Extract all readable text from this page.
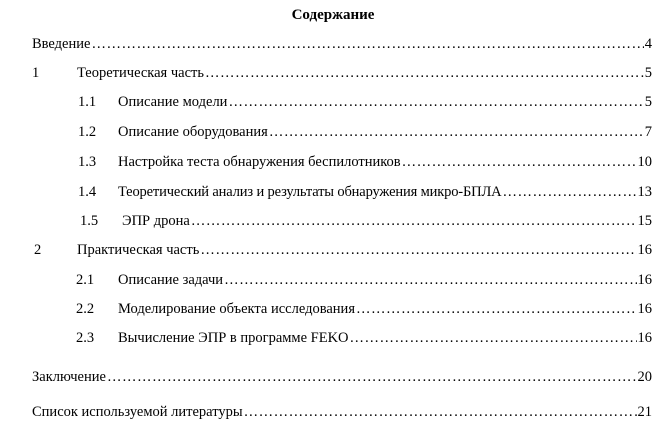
Содержание
Введение ……………………………………………………………………………………………………………………………………………………………………………………………………	4
1	Теоретическая часть ……………………………………………………………………………………………………………………………………………………………………………………………………	5
1.1	Описание модели ……………………………………………………………………………………………………………………………………………………………………………………………………	5
1.2	Описание оборудования ……………………………………………………………………………………………………………………………………………………………………………………………………	7
1.3	Настройка теста обнаружения беспилотников ……………………………………………………………………………………………………………………………………………………………………………………………………	10
1.4	Теоретический анализ и результаты обнаружения микро-БПЛА ……………………………………………………………………………………………………………………………………………………………………………………………………	13
1.5	ЭПР дрона ……………………………………………………………………………………………………………………………………………………………………………………………………	15
2	Практическая часть ……………………………………………………………………………………………………………………………………………………………………………………………………	16
2.1	Описание задачи ……………………………………………………………………………………………………………………………………………………………………………………………………	16
2.2	Моделирование объекта исследования ……………………………………………………………………………………………………………………………………………………………………………………………………	16
2.3	Вычисление ЭПР в программе FEKO ……………………………………………………………………………………………………………………………………………………………………………………………………	16
Заключение ……………………………………………………………………………………………………………………………………………………………………………………………………	20
Список используемой литературы ……………………………………………………………………………………………………………………………………………………………………………………………………	21
